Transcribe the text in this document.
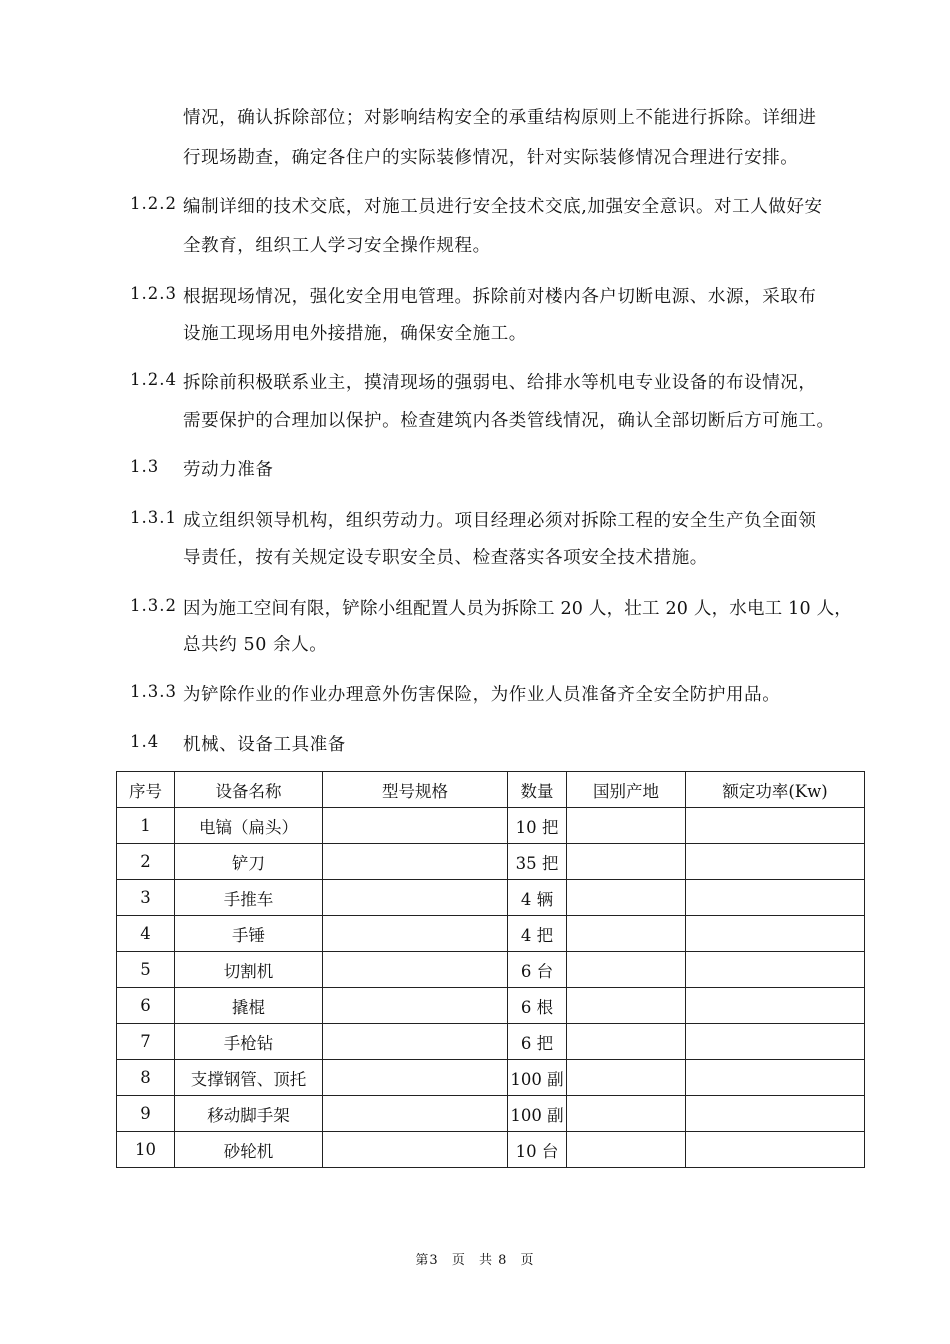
情况，确认拆除部位；对影响结构安全的承重结构原则上不能进行拆除。详细进
行现场勘查，确定各住户的实际装修情况，针对实际装修情况合理进行安排。
1.2.2 编制详细的技术交底，对施工员进行安全技术交底,加强安全意识。对工人做好安
全教育，组织工人学习安全操作规程。
1.2.3 根据现场情况，强化安全用电管理。拆除前对楼内各户切断电源、水源，采取布
设施工现场用电外接措施，确保安全施工。
1.2.4 拆除前积极联系业主，摸清现场的强弱电、给排水等机电专业设备的布设情况，
需要保护的合理加以保护。检查建筑内各类管线情况，确认全部切断后方可施工。
1.3 劳动力准备
1.3.1 成立组织领导机构，组织劳动力。项目经理必须对拆除工程的安全生产负全面领
导责任，按有关规定设专职安全员、检查落实各项安全技术措施。
1.3.2 因为施工空间有限，铲除小组配置人员为拆除工 20 人，壮工 20 人，水电工 10 人，
总共约 50 余人。
1.3.3 为铲除作业的作业办理意外伤害保险，为作业人员准备齐全安全防护用品。
1.4 机械、设备工具准备
序号	设备名称	型号规格	数量	国别产地	额定功率(Kw)
1	电镐（扁头）		10 把		
2	铲刀		35 把		
3	手推车		4 辆		
4	手锤		4 把		
5	切割机		6 台		
6	撬棍		6 根		
7	手枪钻		6 把		
8	支撑钢管、顶托		100 副		
9	移动脚手架		100 副		
10	砂轮机		10 台		
第3 页 共 8 页
